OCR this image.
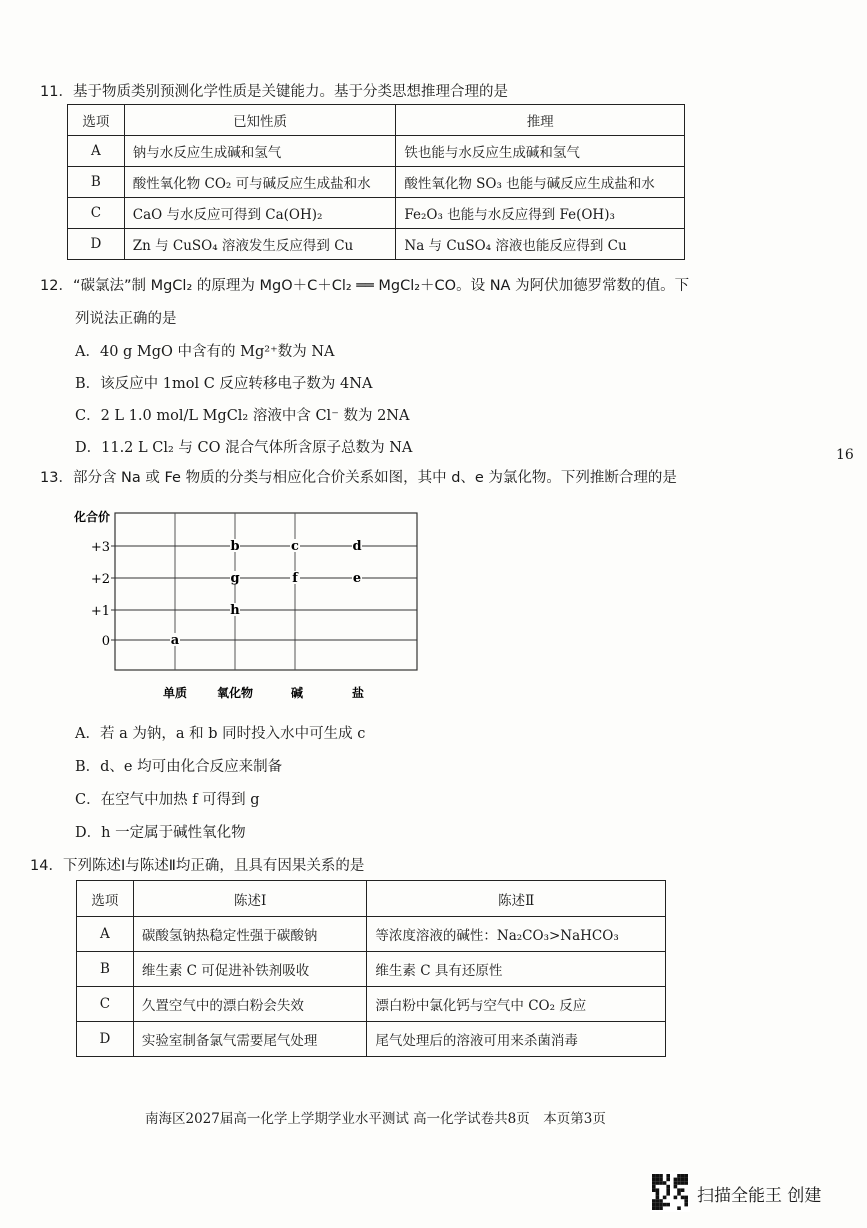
11．基于物质类别预测化学性质是关键能力。基于分类思想推理合理的是
选项	已知性质	推理
A	钠与水反应生成碱和氢气	铁也能与水反应生成碱和氢气
B	酸性氧化物 CO₂ 可与碱反应生成盐和水	酸性氧化物 SO₃ 也能与碱反应生成盐和水
C	CaO 与水反应可得到 Ca(OH)₂	Fe₂O₃ 也能与水反应得到 Fe(OH)₃
D	Zn 与 CuSO₄ 溶液发生反应得到 Cu	Na 与 CuSO₄ 溶液也能反应得到 Cu
12．“碳氯法”制 MgCl₂ 的原理为 MgO＋C＋Cl₂ ══ MgCl₂＋CO。设 NA 为阿伏加德罗常数的值。下
列说法正确的是
A．40 g MgO 中含有的 Mg²⁺数为 NA
B．该反应中 1mol C 反应转移电子数为 4NA
C．2 L 1.0 mol/L MgCl₂ 溶液中含 Cl⁻ 数为 2NA
D．11.2 L Cl₂ 与 CO 混合气体所含原子总数为 NA	16
13．部分含 Na 或 Fe 物质的分类与相应化合价关系如图，其中 d、e 为氯化物。下列推断合理的是
a
b
g
h
c
f
d
e
化合价
+3
+2
+1
0
单质 氧化物	碱	盐
A．若 a 为钠，a 和 b 同时投入水中可生成 c
B．d、e 均可由化合反应来制备
C．在空气中加热 f 可得到 g
D．h 一定属于碱性氧化物
14．下列陈述Ⅰ与陈述Ⅱ均正确，且具有因果关系的是
选项	陈述Ⅰ	陈述Ⅱ
A	碳酸氢钠热稳定性强于碳酸钠	等浓度溶液的碱性：Na₂CO₃>NaHCO₃
B	维生素 C 可促进补铁剂吸收	维生素 C 具有还原性
C	久置空气中的漂白粉会失效	漂白粉中氯化钙与空气中 CO₂ 反应
D	实验室制备氯气需要尾气处理	尾气处理后的溶液可用来杀菌消毒
南海区2027届高一化学上学期学业水平测试 高一化学试卷共8页　本页第3页
扫描全能王 创建
